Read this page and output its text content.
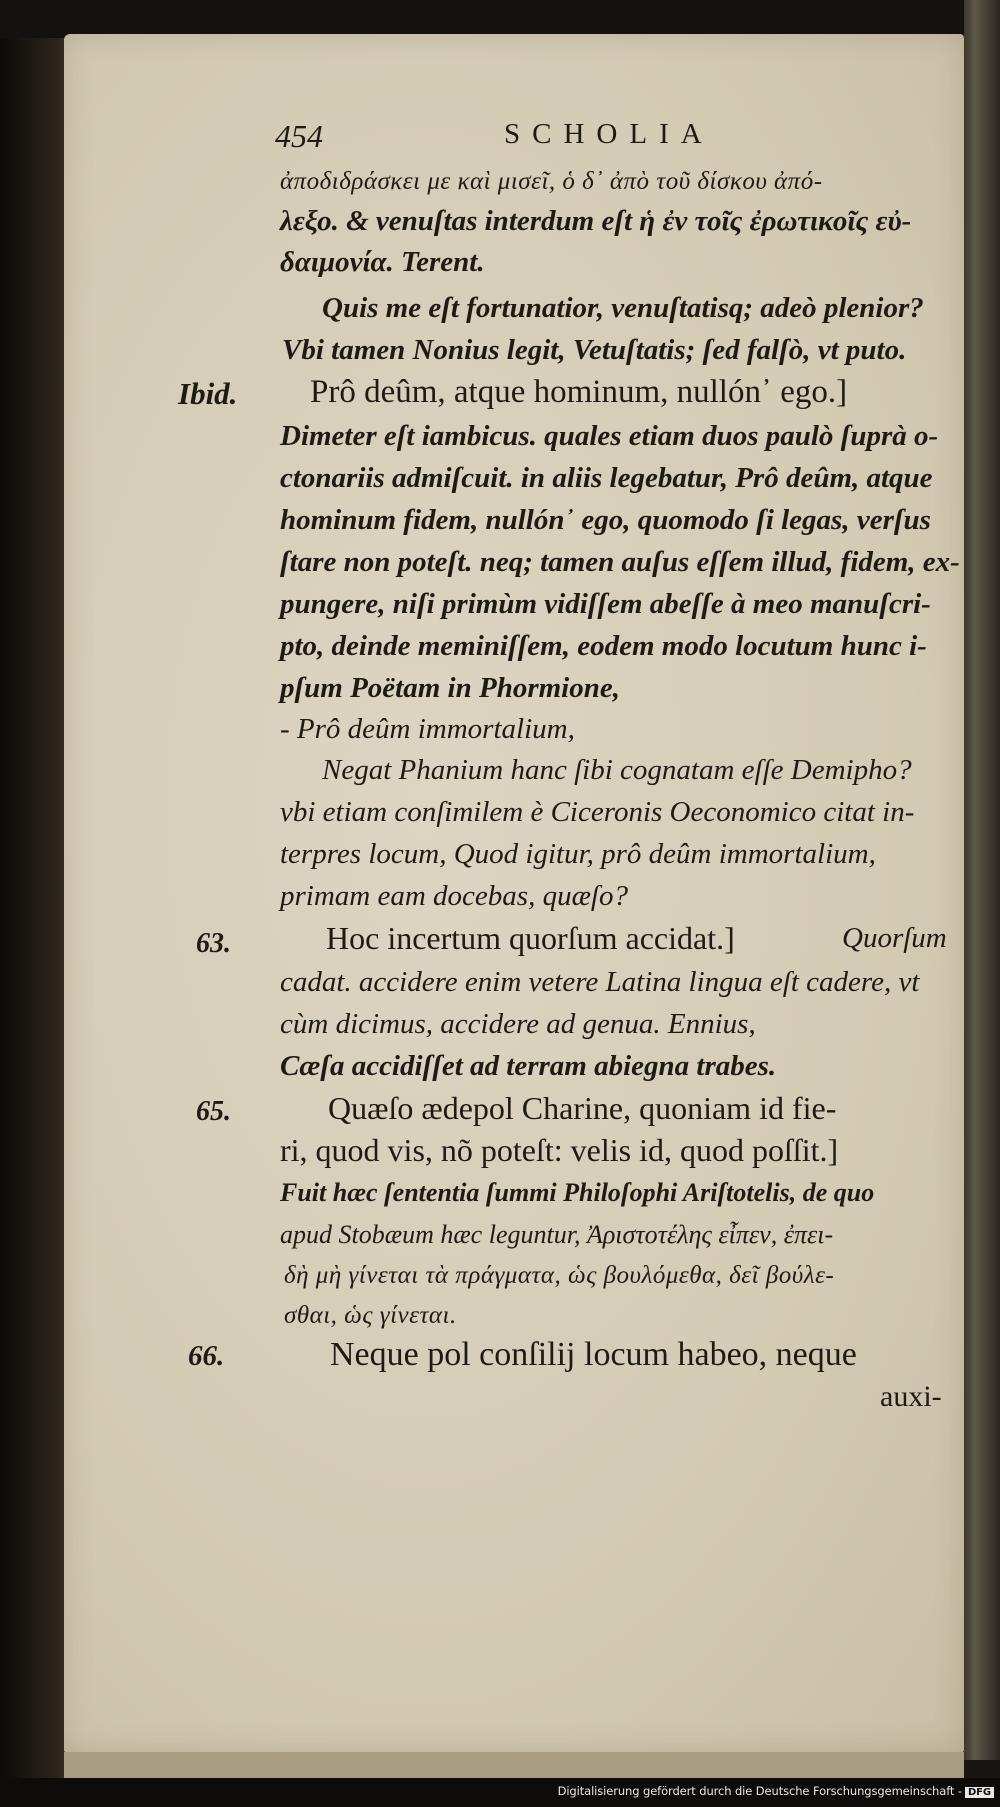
454	SCHOLIA
ἀποδιδράσκει με καὶ μισεῖ, ὁ δ᾽ ἀπὸ τοῦ δίσκου ἀπό-
λεξο. & venuſtas interdum eſt ἡ ἐν τοῖς ἐρωτικοῖς εὐ-
δαιμονία. Terent.
Quis me eſt fortunatior, venuſtatisq; adeò plenior?
Vbi tamen Nonius legit, Vetuſtatis; ſed falſò, vt puto.
Prô deûm, atque hominum, nullón᾽ ego.]
Dimeter eſt iambicus. quales etiam duos paulò ſuprà o-
ctonariis admiſcuit. in aliis legebatur, Prô deûm, atque
hominum fidem, nullón᾽ ego, quomodo ſi legas, verſus
ſtare non poteſt. neq; tamen auſus eſſem illud, fidem, ex-
pungere, niſi primùm vidiſſem abeſſe à meo manuſcri-
pto, deinde meminiſſem, eodem modo locutum hunc i-
pſum Poëtam in Phormione,
- Prô deûm immortalium,
Negat Phanium hanc ſibi cognatam eſſe Demipho?
vbi etiam conſimilem è Ciceronis Oeconomico citat in-
terpres locum, Quod igitur, prô deûm immortalium,
primam eam docebas, quæſo?
Hoc incertum quorſum accidat.]	Quorſum
cadat. accidere enim vetere Latina lingua eſt cadere, vt
cùm dicimus, accidere ad genua. Ennius,
Cæſa accidiſſet ad terram abiegna trabes.
Quæſo ædepol Charine, quoniam id fie-
ri, quod vis, nõ poteſt: velis id, quod poſſit.]
Fuit hæc ſententia ſummi Philoſophi Ariſtotelis, de quo
apud Stobæum hæc leguntur, Ἀριστοτέλης εἶπεν, ἐπει-
δὴ μὴ γίνεται τὰ πράγματα, ὡς βουλόμεθα, δεῖ βούλε-
σθαι, ὡς γίνεται.
Neque pol conſilij locum habeo, neque
auxi-
Ibid.
63.
65.
66.
Digitalisierung gefördert durch die Deutsche Forschungsgemeinschaft - DFG
